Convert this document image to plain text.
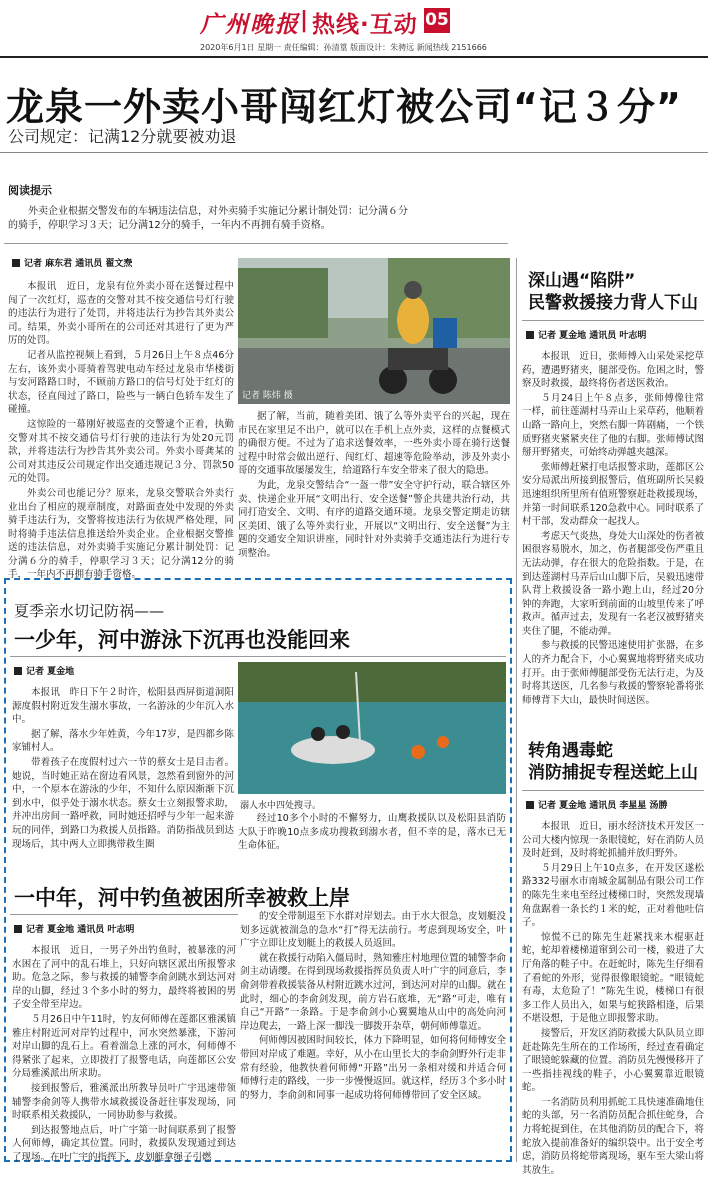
广州晚报 | 热线·互动 05
2020年6月1日 星期一 责任编辑：孙清篁 版面设计：朱骋远 新闻热线 2151666
龙泉一外卖小哥闯红灯被公司“记３分”
公司规定：记满12分就要被劝退
阅读提示
外卖企业根据交警发布的车辆违法信息，对外卖骑手实施记分累计制处罚：记分满６分的骑手，停职学习３天；记分满12分的骑手，一年内不再拥有骑手资格。
记者 麻东君 通讯员 翟文焘

本报讯　近日，龙泉有位外卖小哥在送餐过程中闯了一次红灯，巡查的交警对其不按交通信号灯行驶的违法行为进行了处罚，并将违法行为抄告其外卖公司。结果，外卖小哥所在的公司还对其进行了更为严厉的处罚。

记者从监控视频上看到，５月26日上午８点46分左右，该外卖小哥骑着驾驶电动车经过龙泉市华楼街与安河路路口时，不顾前方路口的信号灯处于红灯的状态，径直闯过了路口，险些与一辆白色轿车发生了碰撞。

这惊险的一幕刚好被巡查的交警逮个正着，执勤交警对其不按交通信号灯行驶的违法行为处20元罚款，并将违法行为抄告其外卖公司。外卖小哥龚某的公司对其违反公司规定作出交通违规记３分、罚款50元的处罚。

外卖公司也能记分？原来，龙泉交警联合外卖行业出台了相应的规章制度，对路面查处中发现的外卖骑手违法行为，交警将按违法行为依规严格处理，同时将骑手违法信息推送给外卖企业。企业根据交警推送的违法信息，对外卖骑手实施记分累计制处罚：记分满６分的骑手，停职学习３天；记分满12分的骑手，一年内不再拥有骑手资格。

记者 陈炜 摄

据了解，当前，随着美团、饿了么等外卖平台的兴起，现在市民在家里足不出户，就可以在手机上点外卖，这样的点餐模式的确很方便。不过为了追求送餐效率，一些外卖小哥在骑行送餐过程中时常会做出逆行、闯红灯、超速等危险举动，涉及外卖小哥的交通事故屡屡发生，给道路行车安全带来了很大的隐患。

为此，龙泉交警结合“一盔一带”安全守护行动，联合辖区外卖、快递企业开展“文明出行、安全送餐”警企共建共治行动，共同打造安全、文明、有序的道路交通环境。龙泉交警定期走访辖区美团、饿了么等外卖行业，开展以“文明出行、安全送餐”为主题的交通安全知识讲座，同时针对外卖骑手交通违法行为进行专项整治。

深山遇“陷阱”
民警救援接力背人下山
记者 夏金地 通讯员 叶志明

本报讯　近日，张师傅入山采处采挖草药，遭遇野猪夹，腿部受伤。危困之时，警察及时救援，最终将伤者送医救治。

５月24日上午８点多，张师傅像往常一样，前往莲湖村马弄山上采草药，他顺着山路一路向上，突然右脚一阵剧痛，一个铁质野猪夹紧紧夹住了他的右脚。张师傅试图掰开野猪夹，可始终动弹越夹越深。

张师傅赶紧打电话报警求助，莲都区公安分局派出所接到报警后，值班副所长吴毅迅速组织所里所有值班警察赶赴救援现场，并第一时间联系120急救中心。同时联系了村干部，发动群众一起找人。

考虑天气炎热，身处大山深处的伤者被困很容易脱水，加之，伤者腿部受伤严重且无法动弹，存在很大的危险指数。于是，在到达莲湖村马弄后山山脚下后，吴毅迅速带队背上救援设备一路小跑上山，经过20分钟的奔跑，大家听到前面的山坡里传来了呼救声。循声过去，发现有一名老汉被野猪夹夹住了腿，不能动弹。

参与救援的民警迅速使用扩张器，在多人的齐力配合下，小心翼翼地将野猪夹成功打开。由于张师傅腿部受伤无法行走，为及时将其送医，几名参与救援的警察轮番将张师傅背下大山，最快时间送医。

转角遇毒蛇
消防捕捉专程送蛇上山
记者 夏金地 通讯员 李星星 汤勝

本报讯　近日，丽水经济技术开发区一公司大楼内惊现一条眼镜蛇，好在消防人员及时赶到，及时将蛇抓捕并放归野外。

５月29日上午10点多，在开发区遂松路332号丽水市南城金属制品有限公司工作的陈先生来电至经过楼梯口时，突然发现墙角盘踞着一条长约１米的蛇，正对着他吐信子。

惊慌不已的陈先生赶紧找来木棍驱赶蛇，蛇却着楼梯道窜到公司一楼，毅进了大厅角落的鞋子中。在赶蛇时，陈先生仔细看了看蛇的外形，觉得很像眼镜蛇。“眼镜蛇有毒，太危险了！”陈先生说，楼梯口有很多工作人员出入，如果与蛇狭路相逢，后果不堪设想，于是他立即报警求助。

接警后，开发区消防救援大队队员立即赶赴陈先生所在的工作场所，经过查看确定了眼镜蛇躲藏的位置。消防员先慢慢移开了一些指挂视线的鞋子，小心翼翼靠近眼镜蛇。

一名消防员利用抓蛇工具快速准确地住蛇的头部，另一名消防员配合抓住蛇身，合力将蛇捉到住，在其他消防员的配合下，将蛇放入提前准备好的编织袋中。出于安全考虑，消防员将蛇带离现场，驱车至大梁山将其放生。

夏季亲水切记防祸——
一少年，河中游泳下沉再也没能回来
记者 夏金地

本报讯　昨日下午２时许，松阳县西屏街道洞阳源度假村附近发生溺水事故，一名游泳的少年沉入水中。

据了解，落水少年姓黄，今年17岁，是四都乡陈家铺村人。

带着孩子在度假村过六一节的蔡女士是目击者。她说，当时她正站在窗边看风景，忽然看到窗外的河中，一个原本在游泳的少年，不知什么原因渐渐下沉到水中，似乎处于溺水状态。蔡女士立刻报警求助，并冲出房间一路呼救，同时她还招呼与少年一起来游玩的同伴，到路口为救援人员指路。消防指战员到达现场后，其中两人立即携带救生圈

溺人水中四处搜寻。

经过10多个小时的不懈努力，山鹰救援队以及松阳县消防大队于昨晚10点多成功搜救到溺水者，但不幸的是，落水已无生命体征。

一中年，河中钓鱼被困所幸被救上岸
记者 夏金地 通讯员 叶志明

本报讯　近日，一男子外出钓鱼时，被暴涨的河水困在了河中的乱石堆上，只好向辖区派出所报警求助。危急之际，参与救援的辅警李俞剑跳水到达河对岸的山脚，经过３个多小时的努力，最终将被困的男子安全带至岸边。

５月26日中午11时，钓友何师傅在莲都区雅溪镇雅庄村附近河对岸钓过程中，河水突然暴涨，下游河对岸山脚的乱石上。看着湍急上涨的河水，何师傅不得紧张了起来，立即拨打了报警电话，向莲都区公安分局雅溪派出所求助。

接到报警后，雅溪派出所教导员叶广宇迅速带领辅警李俞剑等人携带水域救援设备赶往事发现场，同时联系相关救援队，一同协助参与救援。

到达报警地点后，叶广宇第一时间联系到了报警人何师傅，确定其位置。同时，救援队发现通过到达了现场。在叶广宇的指挥下，皮划艇拿绳子引燃

的安全带制退至下水群对岸划去。由于水大很急，皮划艇没划多远就被湍急的急水“打”得无法前行。考虑到现场安全，叶广宇立即让皮划艇上的救援人员返回。

就在救援行动陷入僵局时，熟知雅庄村地理位置的辅警李俞剑主动请缨。在得到现场救援指挥员负责人叶广宇的同意后，李俞剑带着救援装备从村附近跳水过河，到达河对岸的山脚。就在此时，细心的李俞剑发现，前方岩石底堆，无“路”可走，唯有自己“开路”一条路。于是李俞剑小心翼翼地从山中的高处向河岸边爬去，一路上深一脚浅一脚拨开杂草，朝何师傅靠近。

何师傅因被困时间较长，体力下降明显，如何将何师傅安全带回对岸成了难题。幸好，从小在山里长大的李俞剑野外行走非常有经验，他教快着何师傅“开路”出另一条相对缓和并适合何师傅行走的路线，一步一步慢慢返回。就这样，经历３个多小时的努力，李俞剑和同事一起成功将何师傅带回了安全区域。
